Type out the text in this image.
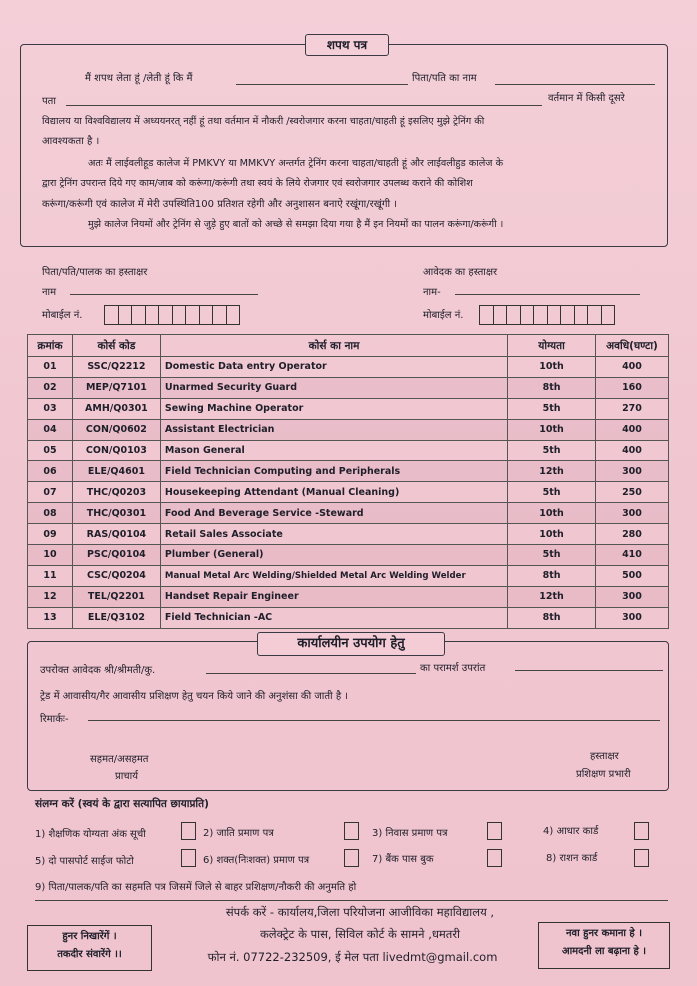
शपथ पत्र
मैं शपथ लेता हूं /लेती हूं कि मैं	पिता/पति का नाम
पता	वर्तमान में किसी दूसरे
विद्यालय या विश्वविद्यालय में अध्ययनरत् नहीं हूं तथा वर्तमान में नौकरी /स्वरोजगार करना चाहता/चाहती हूं इसलिए मुझे ट्रेनिंग की
आवश्यकता है ।
अतः मैं लाईवलीहूड कालेज में PMKVY या MMKVY अन्तर्गत ट्रेनिंग करना चाहता/चाहती हूं और लाईवलीहुड कालेज के
द्वारा ट्रेनिंग उपरान्त दिये गए काम/जाब को करूंगा/करूंगी तथा स्वयं के लिये रोजगार एवं स्वरोजगार उपलब्ध कराने की कोशिश
करूंगा/करूंगी एवं कालेज में मेरी उपस्थिति100 प्रतिशत रहेगी और अनुशासन बनाऐ रखूंगा/रखूंगी ।
मुझे कालेज नियमों और ट्रेनिंग से जुड़े हुए बातों को अच्छे से समझा दिया गया है मैं इन नियमों का पालन करूंगा/करूंगी ।
पिता/पति/पालक का हस्ताक्षर
नाम
मोबाईल नं.
आवेदक का हस्ताक्षर
नाम-
मोबाईल नं.
क्रमांक	कोर्स कोड	कोर्स का नाम	योग्यता	अवधि(घण्टा)
01	SSC/Q2212	Domestic Data entry Operator	10th	400
02	MEP/Q7101	Unarmed Security Guard	8th	160
03	AMH/Q0301	Sewing Machine Operator	5th	270
04	CON/Q0602	Assistant Electrician	10th	400
05	CON/Q0103	Mason General	5th	400
06	ELE/Q4601	Field Technician Computing and Peripherals	12th	300
07	THC/Q0203	Housekeeping Attendant (Manual Cleaning)	5th	250
08	THC/Q0301	Food And Beverage Service -Steward	10th	300
09	RAS/Q0104	Retail Sales Associate	10th	280
10	PSC/Q0104	Plumber (General)	5th	410
11	CSC/Q0204	Manual Metal Arc Welding/Shielded Metal Arc Welding Welder	8th	500
12	TEL/Q2201	Handset Repair Engineer	12th	300
13	ELE/Q3102	Field Technician -AC	8th	300
कार्यालयीन उपयोग हेतु
उपरोक्त आवेदक श्री/श्रीमती/कु.	का परामर्श उपरांत
ट्रेड में आवासीय/गैर आवासीय प्रशिक्षण हेतु चयन किये जाने की अनुशंसा की जाती है ।
रिमार्कः-
सहमत/असहमत
प्राचार्य
हस्ताक्षर
प्रशिक्षण प्रभारी
संलग्न करें (स्वयं के द्वारा सत्यापित छायाप्रति)
1) शैक्षणिक योग्यता अंक सूची	2) जाति प्रमाण पत्र	3) निवास प्रमाण पत्र	4) आधार कार्ड
5) दो पासपोर्ट साईज फोटो	6) शक्त(निःशक्त) प्रमाण पत्र	7) बैंक पास बुक	8) राशन कार्ड
9) पिता/पालक/पति का सहमति पत्र जिसमें जिले से बाहर प्रशिक्षण/नौकरी की अनुमति हो
हुनर निखारेंगें ।
तकदीर संवारेंगे ।।
संपर्क करें - कार्यालय,जिला परियोजना आजीविका महाविद्यालय ,
कलेक्ट्रेट के पास, सिविल कोर्ट के सामने ,धमतरी
फोन नं. 07722-232509, ई मेल पता livedmt@gmail.com
नवा हुनर कमाना हे ।
आमदनी ला बढ़ाना हे ।
